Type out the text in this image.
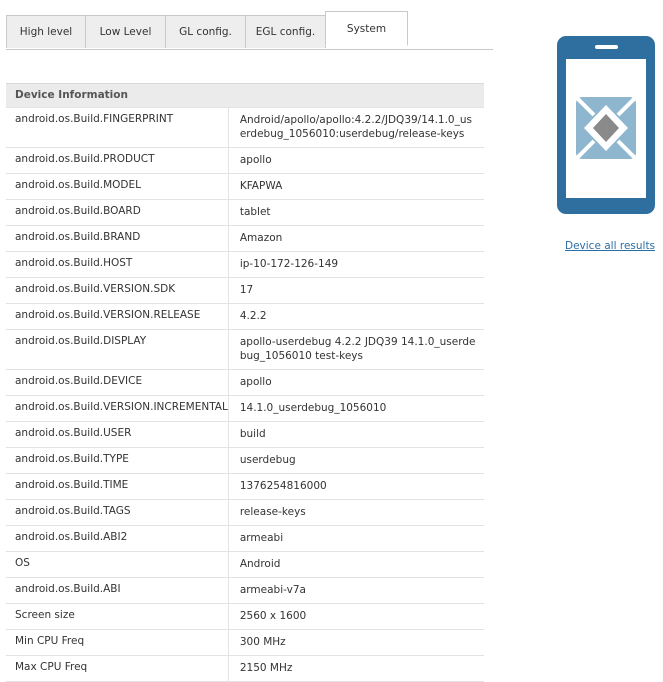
High level	Low Level	GL config.	EGL config.	System
Device Information	
android.os.Build.FINGERPRINT	Android/apollo/apollo:4.2.2/JDQ39/14.1.0_userdebug_1056010:userdebug/release-keys
android.os.Build.PRODUCT	apollo
android.os.Build.MODEL	KFAPWA
android.os.Build.BOARD	tablet
android.os.Build.BRAND	Amazon
android.os.Build.HOST	ip-10-172-126-149
android.os.Build.VERSION.SDK	17
android.os.Build.VERSION.RELEASE	4.2.2
android.os.Build.DISPLAY	apollo-userdebug 4.2.2 JDQ39 14.1.0_userdebug_1056010 test-keys
android.os.Build.DEVICE	apollo
android.os.Build.VERSION.INCREMENTAL	14.1.0_userdebug_1056010
android.os.Build.USER	build
android.os.Build.TYPE	userdebug
android.os.Build.TIME	1376254816000
android.os.Build.TAGS	release-keys
android.os.Build.ABI2	armeabi
OS	Android
android.os.Build.ABI	armeabi-v7a
Screen size	2560 x 1600
Min CPU Freq	300 MHz
Max CPU Freq	2150 MHz
Device all results
